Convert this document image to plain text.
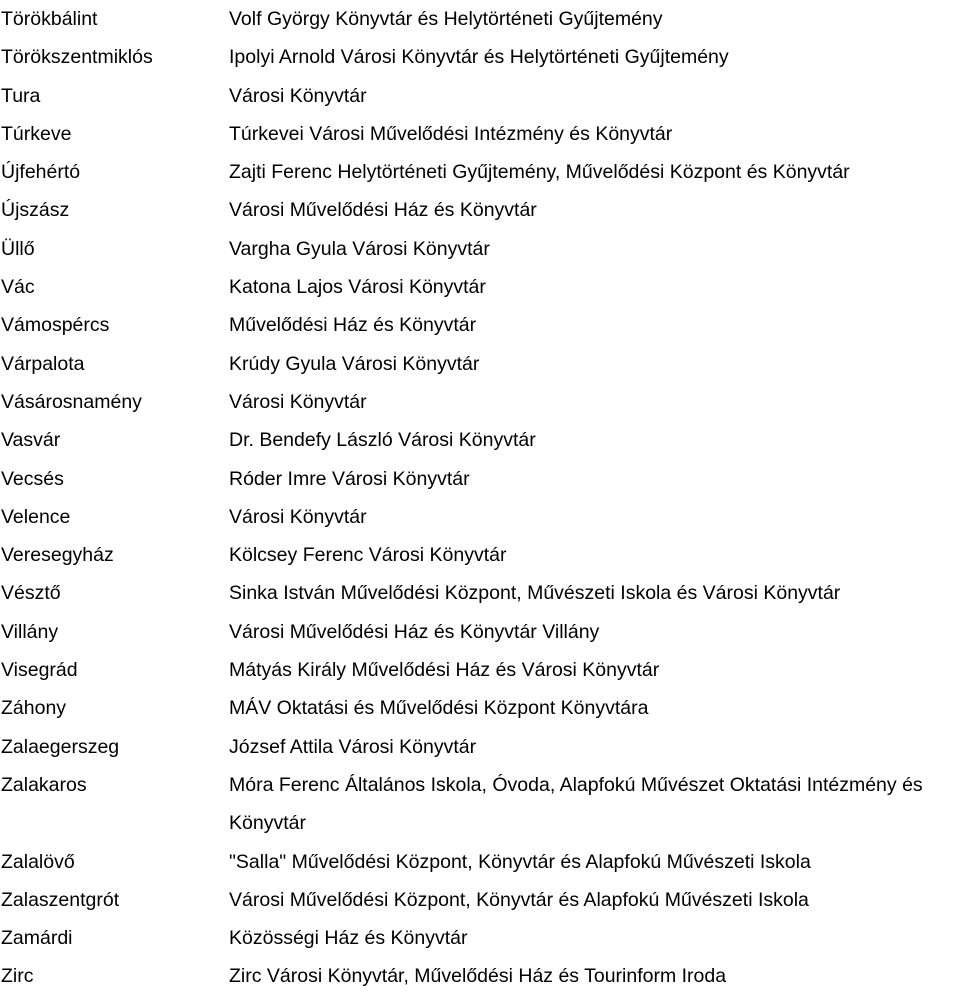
Törökbálint	Volf György Könyvtár és Helytörténeti Gyűjtemény
Törökszentmiklós	Ipolyi Arnold Városi Könyvtár és Helytörténeti Gyűjtemény
Tura	Városi Könyvtár
Túrkeve	Túrkevei Városi Művelődési Intézmény és Könyvtár
Újfehértó	Zajti Ferenc Helytörténeti Gyűjtemény, Művelődési Központ és Könyvtár
Újszász	Városi Művelődési Ház és Könyvtár
Üllő	Vargha Gyula Városi Könyvtár
Vác	Katona Lajos Városi Könyvtár
Vámospércs	Művelődési Ház és Könyvtár
Várpalota	Krúdy Gyula Városi Könyvtár
Vásárosnamény	Városi Könyvtár
Vasvár	Dr. Bendefy László Városi Könyvtár
Vecsés	Róder Imre Városi Könyvtár
Velence	Városi Könyvtár
Veresegyház	Kölcsey Ferenc Városi Könyvtár
Vésztő	Sinka István Művelődési Központ, Művészeti Iskola és Városi Könyvtár
Villány	Városi Művelődési Ház és Könyvtár Villány
Visegrád	Mátyás Király Művelődési Ház és Városi Könyvtár
Záhony	MÁV Oktatási és Művelődési Központ Könyvtára
Zalaegerszeg	József Attila Városi Könyvtár
Zalakaros	Móra Ferenc Általános Iskola, Óvoda, Alapfokú Művészet Oktatási Intézmény és Könyvtár
Zalalövő	"Salla" Művelődési Központ, Könyvtár és Alapfokú Művészeti Iskola
Zalaszentgrót	Városi Művelődési Központ, Könyvtár és Alapfokú Művészeti Iskola
Zamárdi	Közösségi Ház és Könyvtár
Zirc	Zirc Városi Könyvtár, Művelődési Ház és Tourinform Iroda
